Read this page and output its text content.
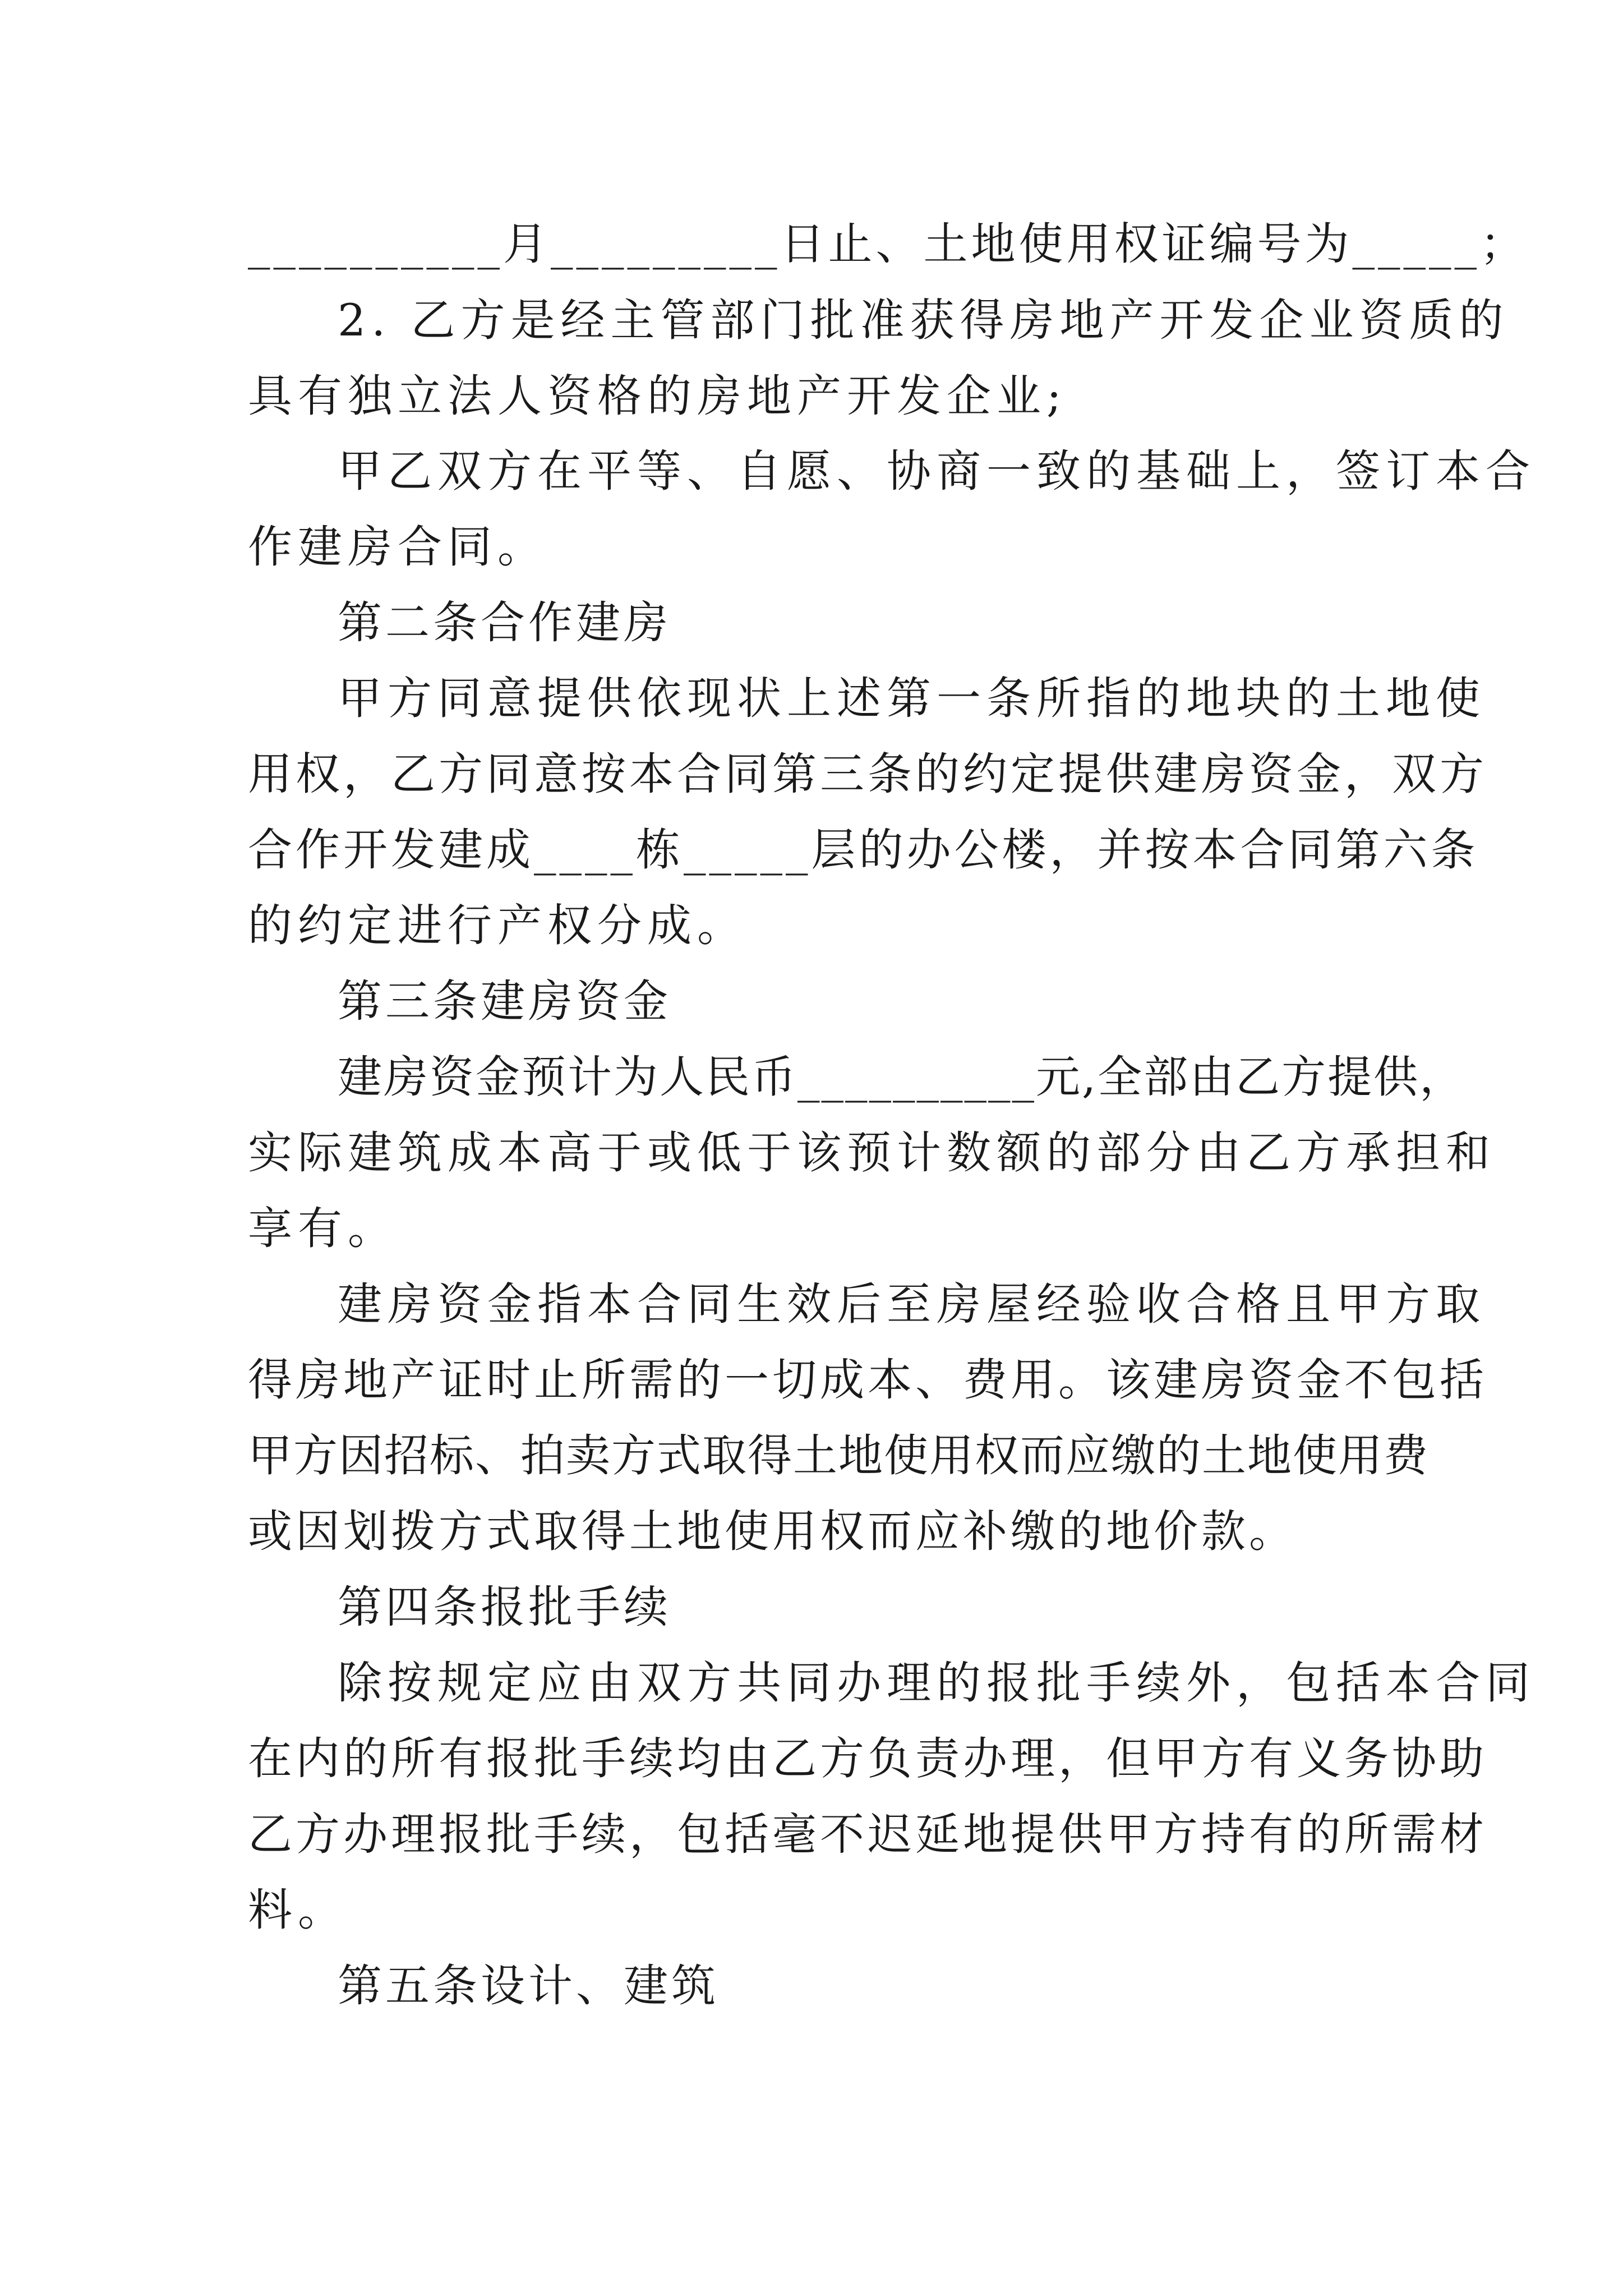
__________月_________日止、土地使用权证编号为_____；
2. 乙方是经主管部门批准获得房地产开发企业资质的
具有独立法人资格的房地产开发企业;
甲乙双方在平等、自愿、协商一致的基础上，签订本合
作建房合同。
第二条合作建房
甲方同意提供依现状上述第一条所指的地块的土地使
用权，乙方同意按本合同第三条的约定提供建房资金，双方
合作开发建成____栋_____层的办公楼，并按本合同第六条
的约定进行产权分成。
第三条建房资金
建房资金预计为人民币__________元,全部由乙方提供，
实际建筑成本高于或低于该预计数额的部分由乙方承担和
享有。
建房资金指本合同生效后至房屋经验收合格且甲方取
得房地产证时止所需的一切成本、费用。该建房资金不包括
甲方因招标、拍卖方式取得土地使用权而应缴的土地使用费
或因划拨方式取得土地使用权而应补缴的地价款。
第四条报批手续
除按规定应由双方共同办理的报批手续外，包括本合同
在内的所有报批手续均由乙方负责办理，但甲方有义务协助
乙方办理报批手续，包括毫不迟延地提供甲方持有的所需材
料。
第五条设计、建筑
